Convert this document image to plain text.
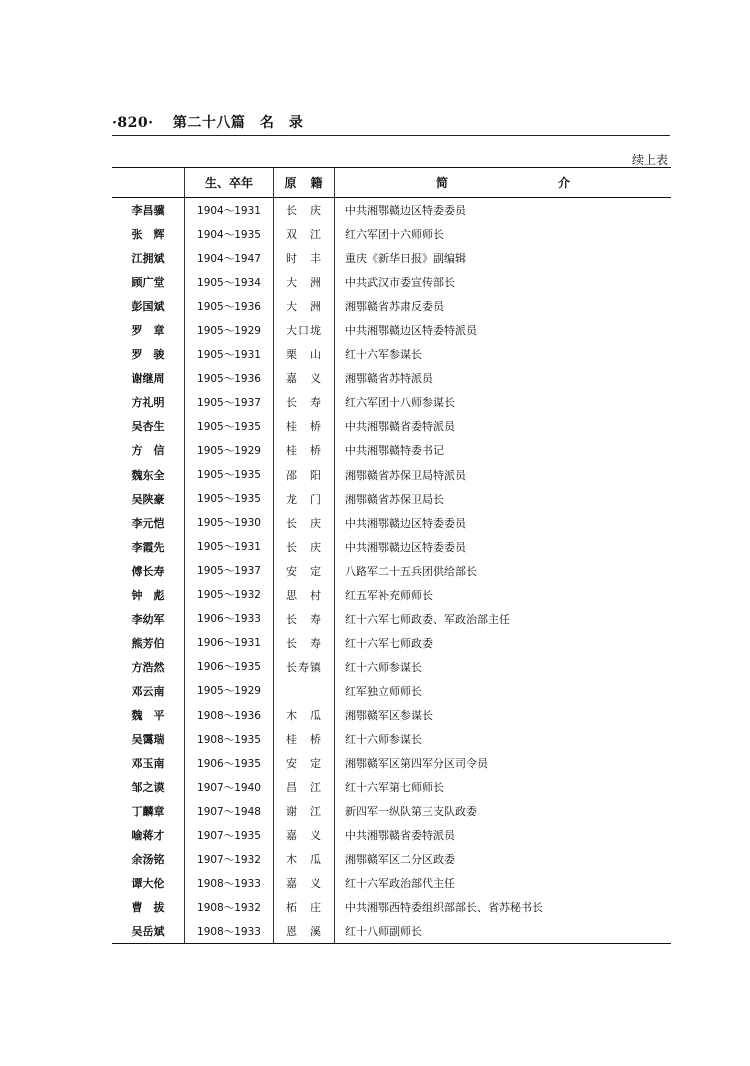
·820· 第二十八篇　名　录
续上表
	生、卒年	原　籍	简 介
李昌骥	1904～1931	长　庆	中共湘鄂赣边区特委委员
张　辉	1904～1935	双　江	红六军团十六师师长
江拥斌	1904～1947	时　丰	重庆《新华日报》副编辑
顾广堂	1905～1934	大　洲	中共武汉市委宣传部长
彭国斌	1905～1936	大　洲	湘鄂赣省苏肃反委员
罗　章	1905～1929	大口垅	中共湘鄂赣边区特委特派员
罗　骏	1905～1931	栗　山	红十六军参谋长
谢继周	1905～1936	嘉　义	湘鄂赣省苏特派员
方礼明	1905～1937	长　寿	红六军团十八师参谋长
吴杏生	1905～1935	桂　桥	中共湘鄂赣省委特派员
方　信	1905～1929	桂　桥	中共湘鄂赣特委书记
魏东全	1905～1935	邵　阳	湘鄂赣省苏保卫局特派员
吴陕豪	1905～1935	龙　门	湘鄂赣省苏保卫局长
李元恺	1905～1930	长　庆	中共湘鄂赣边区特委委员
李霞先	1905～1931	长　庆	中共湘鄂赣边区特委委员
傅长寿	1905～1937	安　定	八路军二十五兵团供给部长
钟　彪	1905～1932	思　村	红五军补充师师长
李幼军	1906～1933	长　寿	红十六军七师政委、军政治部主任
熊芳伯	1906～1931	长　寿	红十六军七师政委
方浩然	1906～1935	长寿镇	红十六师参谋长
邓云南	1905～1929		红军独立师师长
魏　平	1908～1936	木　瓜	湘鄂赣军区参谋长
吴霭瑞	1908～1935	桂　桥	红十六师参谋长
邓玉南	1906～1935	安　定	湘鄂赣军区第四军分区司令员
邹之谟	1907～1940	昌　江	红十六军第七师师长
丁麟章	1907～1948	谢　江	新四军一纵队第三支队政委
喻蒋才	1907～1935	嘉　义	中共湘鄂赣省委特派员
余汤铭	1907～1932	木　瓜	湘鄂赣军区二分区政委
谭大伦	1908～1933	嘉　义	红十六军政治部代主任
曹　拔	1908～1932	柘　庄	中共湘鄂西特委组织部部长、省苏秘书长
吴岳斌	1908～1933	恩　溪	红十八师副师长
